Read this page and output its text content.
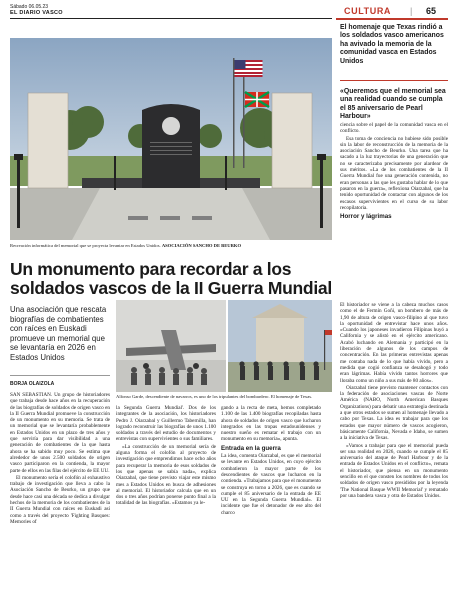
Sábado 06.05.23
EL DIARIO VASCO	CULTURA | 65
Recreación informática del memorial que se proyecta levantar en Estados Unidos. ASOCIACIÓN SANCHO DE BEURKO
Un monumento para recordar a los soldados vascos de la II Guerra Mundial
Una asociación que rescata biografías de combatientes con raíces en Euskadi promueve un memorial que se levantaría en 2026 en Estados Unidos
BORJA OLAIZOLA

SAN SEBASTIÁN. Un grupo de historiadores que trabaja desde hace años en la recuperación de las biografías de soldados de origen vasco en la II Guerra Mundial promueve la construcción de un monumento en su memoria. Se trata de un memorial que se levantaría probablemente en Estados Unidos en un plazo de tres años y que serviría para dar visibilidad a una generación de combatientes de la que hasta ahora se ha sabido muy poco. Se estima que alrededor de unos 2.500 soldados de origen vasco participaron en la contienda, la mayor parte de ellos en las filas del ejército de EE UU.

El monumento sería el colofón al exhaustivo trabajo de investigación que lleva a cabo la Asociación Sancho de Beurko, un grupo que desde hace casi una década se dedica a divulgar hechos de la memoria de los combatientes de la II Guerra Mundial con raíces en Euskadi así como a través del proyecto 'Fighting Basques: Memories of

Alfonso Garde, descendiente de navarros, es uno de los tripulantes del bombardero. El homenaje de Texas.

la Segunda Guerra Mundial'. Dos de los integrantes de la asociación, los historiadores Pedro J. Oiarzabal y Guillermo Tabernilla, han logrado reconstruir las biografías de unos 1.100 soldados a través del estudio de documentos y entrevistas con supervivientes o sus familiares.

«La construcción de un memorial sería de alguna forma el colofón al proyecto de investigación que emprendimos hace ocho años para recuperar la memoria de esos soldados de los que apenas se sabía nada», explica Oiarzabal, que tiene previsto viajar este mismo mes a Estados Unidos en busca de adhesiones al memorial. El historiador calcula que en un dos o tres años podrían ponerse punto final a la totalidad de las biografías. «Estamos ya le-

gando a la recta de meta, hemos completado 1.100 de las 1.400 biografías recopiladas hasta ahora de soldados de origen vasco que lucharon integrados en las tropas estadounidenses y nuestro sueño es rematar el trabajo con un monumento en su memoria», apunta.

Entrada en la guerra

La idea, comenta Oiarzabal, es que el memorial se levante en Estados Unidos, en cuyo ejército combatieron la mayor parte de los descendientes de vascos que lucharon en la contienda. «Trabajamos para que el monumento se construya en torno a 2026, que es cuando se cumple el 85 aniversario de la entrada de EE UU en la Segunda Guerra Mundial». El incidente que fue el detonador de ese alto del charco

El homenaje que Texas rindió a los soldados vasco americanos ha avivado la memoria de la comunidad vasca en Estados Unidos
«Queremos que el memorial sea una realidad cuando se cumpla el 85 aniversario de Pearl Harbour»

ciencia sobre el papel de la comunidad vasca en el conflicto.

Esa toma de conciencia no hubiese sido posible sin la labor de reconstrucción de la memoria de la asociación Sancho de Beurko. Una tarea que ha sacado a la luz trayectorias de una generación que no se caracterizaba precisamente por alardear de sus méritos. «La de los combatientes de la II Guerra Mundial fue una generación contenida, no eran personas a las que les gustaba hablar de lo que pasaron en la guerra», reflexiona Oiarzabal, que ha tenido oportunidad de contactar con algunos de los escasos supervivientes en el curso de su labor recopilatoria.

Horror y lágrimas

El historiador se viene a la cabeza muchos casos como el de Fermín Goñi, un bombero de más de 1,90 de altura de origen vasco-filipino al que tuvo la oportunidad de entrevistar hace unos años. «Cuando los japoneses invadieron Filipinas huyó a California y se alistó en el ejército americano. Acabó luchando en Alemania y participó en la liberación de algunos de los campos de concentración. En las primeras entrevistas apenas me contaba nada de lo que había vivido, pero a medida que cogió confianza se desahogó y todo eran lágrimas. Había vivido tantos horrores que lloraba como un niño a sus más de 80 años».

Oiarzabal tiene previsto mantener contactos con la federación de asociaciones vascas de Norte América (NABO, North American Basques Organizations) para debatir una estrategia destinada a que otros estados se sumen al homenaje llevado a cabo por Texas. La idea es trabajar para que los estados que mayor número de vascos acogieron, básicamente California, Nevada e Idaho, se sumen a la iniciativa de Texas.

«Vamos a trabajar para que el memorial pueda ser una realidad en 2026, cuando se cumple el 85 aniversario del ataque de Pearl Harbour y de la entrada de Estados Unidos en el conflicto», remata el historiador, que piensa en un monumento sencillo en el que consten los nombres de todos los soldados de origen vasco presididos por la leyenda 'The National Basque WWII Memorial' y rematado por una bandera vasca y otra de Estados Unidos.
